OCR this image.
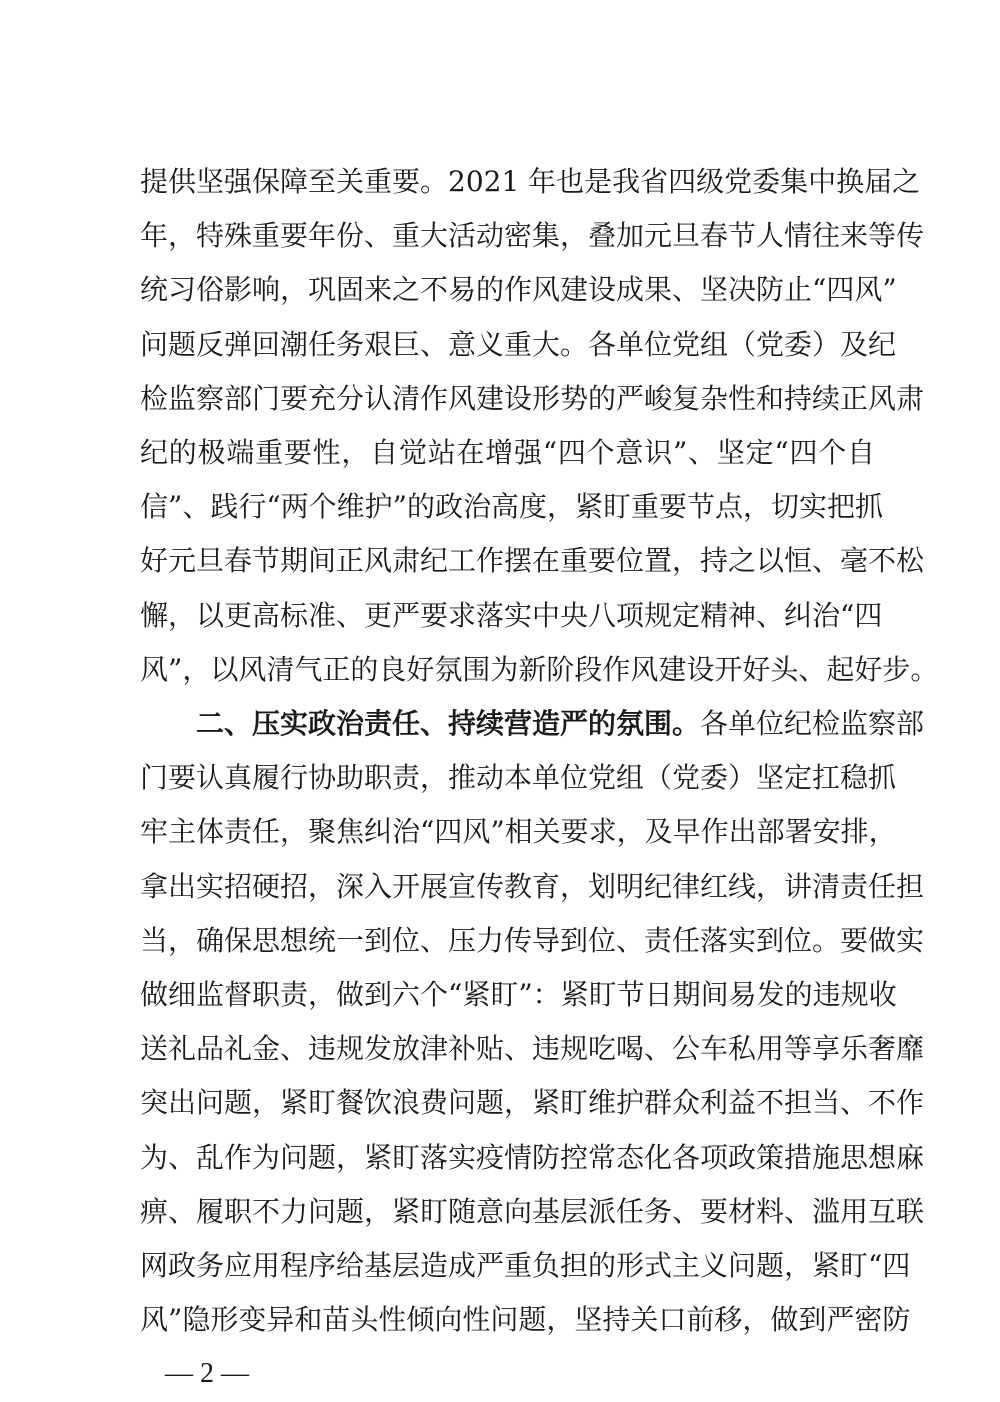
提供坚强保障至关重要。2021 年也是我省四级党委集中换届之
年，特殊重要年份、重大活动密集，叠加元旦春节人情往来等传
统习俗影响，巩固来之不易的作风建设成果、坚决防止“四风”
问题反弹回潮任务艰巨、意义重大。各单位党组（党委）及纪
检监察部门要充分认清作风建设形势的严峻复杂性和持续正风肃
纪的极端重要性，自觉站在增强“四个意识”、坚定“四个自
信”、践行“两个维护”的政治高度，紧盯重要节点，切实把抓
好元旦春节期间正风肃纪工作摆在重要位置，持之以恒、毫不松
懈，以更高标准、更严要求落实中央八项规定精神、纠治“四
风”，以风清气正的良好氛围为新阶段作风建设开好头、起好步。
二、压实政治责任、持续营造严的氛围。各单位纪检监察部
门要认真履行协助职责，推动本单位党组（党委）坚定扛稳抓
牢主体责任，聚焦纠治“四风”相关要求，及早作出部署安排，
拿出实招硬招，深入开展宣传教育，划明纪律红线，讲清责任担
当，确保思想统一到位、压力传导到位、责任落实到位。要做实
做细监督职责，做到六个“紧盯”：紧盯节日期间易发的违规收
送礼品礼金、违规发放津补贴、违规吃喝、公车私用等享乐奢靡
突出问题，紧盯餐饮浪费问题，紧盯维护群众利益不担当、不作
为、乱作为问题，紧盯落实疫情防控常态化各项政策措施思想麻
痹、履职不力问题，紧盯随意向基层派任务、要材料、滥用互联
网政务应用程序给基层造成严重负担的形式主义问题，紧盯“四
风”隐形变异和苗头性倾向性问题，坚持关口前移，做到严密防
— 2 —
